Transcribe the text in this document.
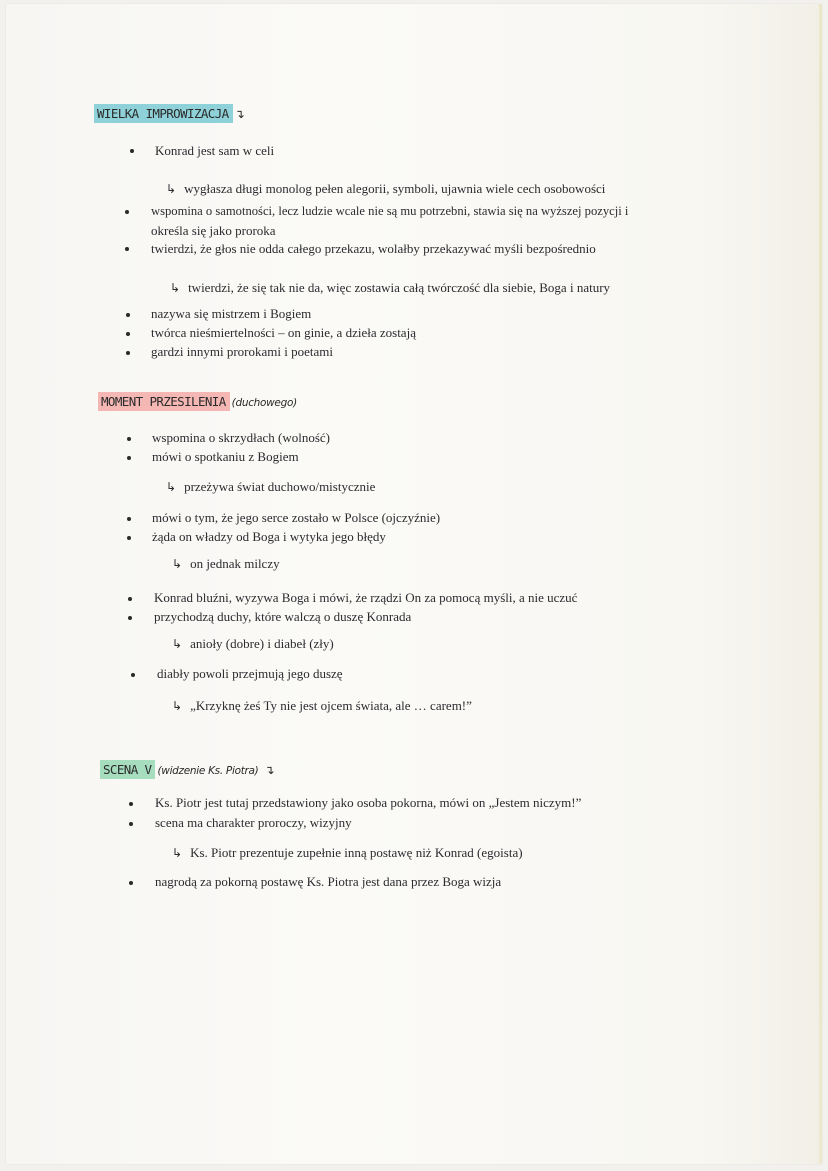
WIELKA IMPROWIZACJA ↴
Konrad jest sam w celi
↳ wygłasza długi monolog pełen alegorii, symboli, ujawnia wiele cech osobowości
wspomina o samotności, lecz ludzie wcale nie są mu potrzebni, stawia się na wyższej pozycji i
określa się jako proroka
twierdzi, że głos nie odda całego przekazu, wolałby przekazywać myśli bezpośrednio
↳ twierdzi, że się tak nie da, więc zostawia całą twórczość dla siebie, Boga i natury
nazywa się mistrzem i Bogiem
twórca nieśmiertelności – on ginie, a dzieła zostają
gardzi innymi prorokami i poetami
MOMENT PRZESILENIA (duchowego)
wspomina o skrzydłach (wolność)
mówi o spotkaniu z Bogiem
↳ przeżywa świat duchowo/mistycznie
mówi o tym, że jego serce zostało w Polsce (ojczyźnie)
żąda on władzy od Boga i wytyka jego błędy
↳ on jednak milczy
Konrad bluźni, wyzywa Boga i mówi, że rządzi On za pomocą myśli, a nie uczuć
przychodzą duchy, które walczą o duszę Konrada
↳ anioły (dobre) i diabeł (zły)
diabły powoli przejmują jego duszę
↳ „Krzyknę żeś Ty nie jest ojcem świata, ale … carem!”
SCENA V (widzenie Ks. Piotra) ↴
Ks. Piotr jest tutaj przedstawiony jako osoba pokorna, mówi on „Jestem niczym!”
scena ma charakter proroczy, wizyjny
↳ Ks. Piotr prezentuje zupełnie inną postawę niż Konrad (egoista)
nagrodą za pokorną postawę Ks. Piotra jest dana przez Boga wizja
